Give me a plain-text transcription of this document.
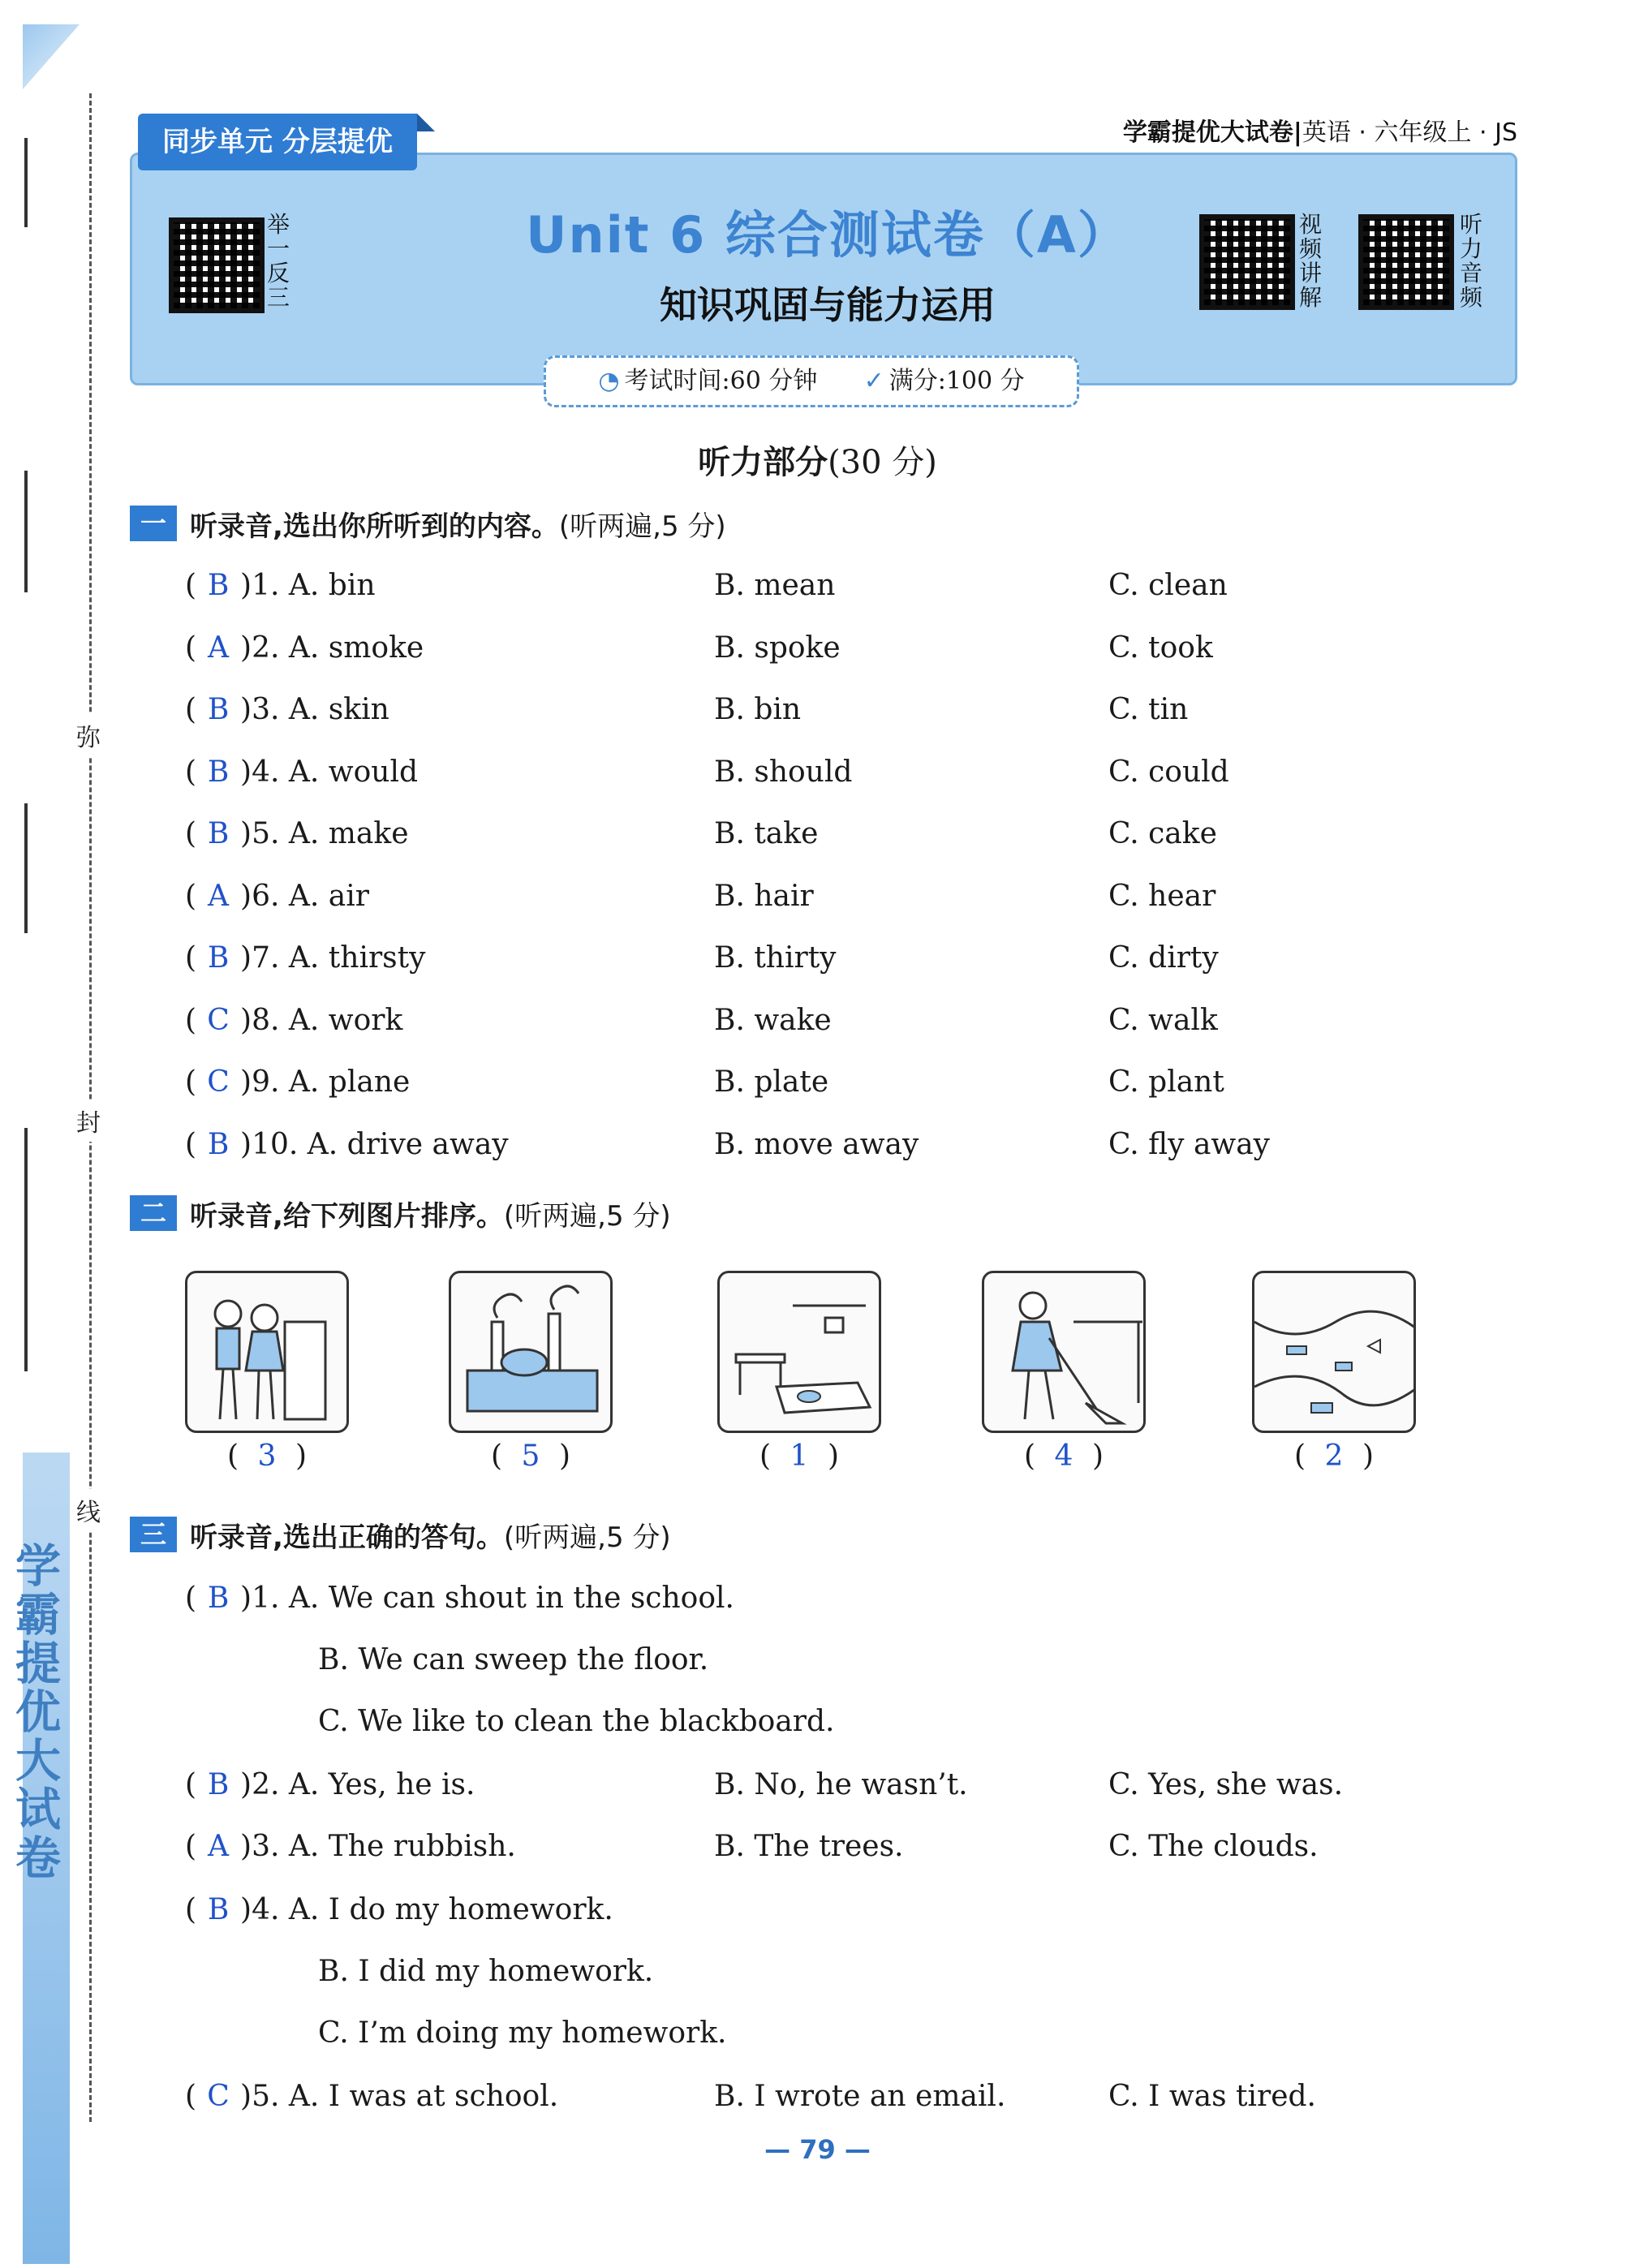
学霸提优大试卷
弥
封
线
同步单元 分层提优	学霸提优大试卷|英语 · 六年级上 · JS
举一反三
Unit 6 综合测试卷（A）
知识巩固与能力运用
视频讲解
听力音频
◔ 考试时间:60 分钟 ✓ 满分:100 分
听力部分(30 分)
一 听录音,选出你所听到的内容。(听两遍,5 分)
( B )1. A. bin	B. mean	C. clean
( A )2. A. smoke	B. spoke	C. took
( B )3. A. skin	B. bin	C. tin
( B )4. A. would	B. should	C. could
( B )5. A. make	B. take	C. cake
( A )6. A. air	B. hair	C. hear
( B )7. A. thirsty	B. thirty	C. dirty
( C )8. A. work	B. wake	C. walk
( C )9. A. plane	B. plate	C. plant
( B )10. A. drive away	B. move away	C. fly away
二 听录音,给下列图片排序。(听两遍,5 分)
( 3 )	( 5 )	( 1 )	( 4 )	( 2 )
三 听录音,选出正确的答句。(听两遍,5 分)
( B )1. A. We can shout in the school.
B. We can sweep the floor.
C. We like to clean the blackboard.
( B )2. A. Yes, he is.	B. No, he wasn’t.	C. Yes, she was.
( A )3. A. The rubbish.	B. The trees.	C. The clouds.
( B )4. A. I do my homework.
B. I did my homework.
C. I’m doing my homework.
( C )5. A. I was at school.	B. I wrote an email.	C. I was tired.
— 79 —
